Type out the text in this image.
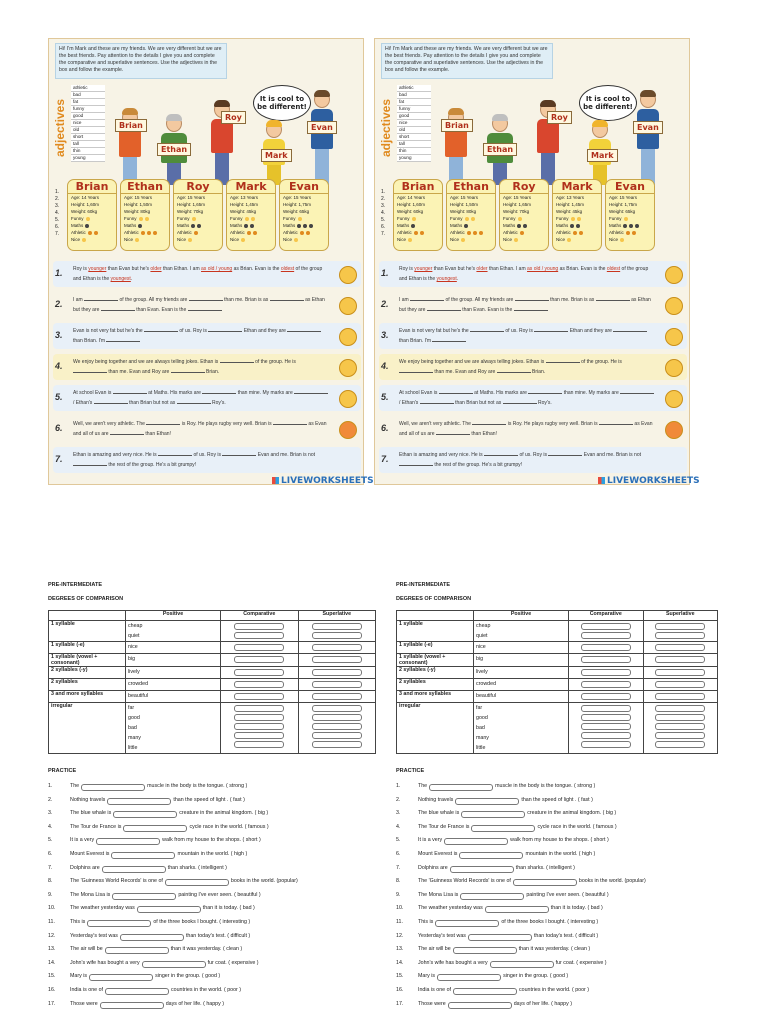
Hi! I'm Mark and these are my friends. We are very different but we are the best friends. Pay attention to the details I give you and complete the comparative and superlative sentences. Use the adjectives in the box and follow the example.
adjectives
athletic
bad
fat
funny
good
nice
old
short
tall
thin
young
It is cool to be different!
Brian
Roy
Ethan
Mark
Evan
1.
2.
3.
4.
5.
6.
7.
Brian
Age: 14 Years
Height: 1,60m
Weight: 60kg
Funny
Maths
Athletic
Nice
Ethan
Age: 15 Years
Height: 1,50m
Weight: 80kg
Funny
Maths
Athletic
Nice
Roy
Age: 15 Years
Height: 1,65m
Weight: 70kg
Funny
Maths
Athletic
Nice
Mark
Age: 13 Years
Height: 1,45m
Weight: 45kg
Funny
Maths
Athletic
Nice
Evan
Age: 15 Years
Height: 1,75m
Weight: 65kg
Funny
Maths
Athletic
Nice
1. Roy is younger than Evan but he's older than Ethan. I am as old / young as Brian. Evan is the oldest of the group and Ethan is the youngest.
2. I am	of the group. All my friends are	than me. Brian is as	as Ethan but they are	than Evan. Evan is the
3. Evan is not very fat but he's the	of us. Roy is	Ethan and they are  than Brian. I'm
4. We enjoy being together and we are always telling jokes. Ethan is	of the group. He is  than me. Evan and Roy are	Brian.
5. At school Evan is	at Maths. His marks are	than mine. My marks are  / Ethan's	than Brian but not as	Roy's.
6. Well, we aren't very athletic. The	is Roy. He plays rugby very well. Brian is	as Evan and all of us are	than Ethan!
7. Ethan is amazing and very nice. He is	of us. Roy is	Evan and me. Brian is not  the rest of the group. He's a bit grumpy!
LIVEWORKSHEETS
Hi! I'm Mark and these are my friends. We are very different but we are the best friends. Pay attention to the details I give you and complete the comparative and superlative sentences. Use the adjectives in the box and follow the example.
adjectives
athletic
bad
fat
funny
good
nice
old
short
tall
thin
young
It is cool to be different!
Brian
Roy
Ethan
Mark
Evan
1.
2.
3.
4.
5.
6.
7.
Brian
Age: 14 Years
Height: 1,60m
Weight: 60kg
Funny
Maths
Athletic
Nice
Ethan
Age: 15 Years
Height: 1,50m
Weight: 80kg
Funny
Maths
Athletic
Nice
Roy
Age: 15 Years
Height: 1,65m
Weight: 70kg
Funny
Maths
Athletic
Nice
Mark
Age: 13 Years
Height: 1,45m
Weight: 45kg
Funny
Maths
Athletic
Nice
Evan
Age: 15 Years
Height: 1,75m
Weight: 65kg
Funny
Maths
Athletic
Nice
1. Roy is younger than Evan but he's older than Ethan. I am as old / young as Brian. Evan is the oldest of the group and Ethan is the youngest.
2. I am	of the group. All my friends are	than me. Brian is as	as Ethan but they are	than Evan. Evan is the
3. Evan is not very fat but he's the	of us. Roy is	Ethan and they are  than Brian. I'm
4. We enjoy being together and we are always telling jokes. Ethan is	of the group. He is  than me. Evan and Roy are	Brian.
5. At school Evan is	at Maths. His marks are	than mine. My marks are  / Ethan's	than Brian but not as	Roy's.
6. Well, we aren't very athletic. The	is Roy. He plays rugby very well. Brian is	as Evan and all of us are	than Ethan!
7. Ethan is amazing and very nice. He is	of us. Roy is	Evan and me. Brian is not  the rest of the group. He's a bit grumpy!
LIVEWORKSHEETS
PRE-INTERMEDIATE
DEGREES OF COMPARISON
	Positive	Comparative	Superlative
1 syllable	cheap
quiet		

1 syllable (-e)	nice		

1 syllable (vowel + consonant)	big		

2 syllables (-y)	lively		

2 syllables	crowded		

3 and more syllables	beautiful		

irregular	far
good
bad
many
little		

PRACTICE
1.	The	muscle in the body is the tongue. ( strong )
2.	Nothing travels	than the speed of light . ( fast )
3.	The blue whale is	creature in the animal kingdom. ( big )
4.	The Tour de France is	cycle race in the world. ( famous )
5.	It is a very	walk from my house to the shops. ( short )
6.	Mount Everest is	mountain in the world. ( high )
7.	Dolphins are	than sharks. ( intelligent )
8.	The 'Guinness World Records' is one of	books in the world. (popular)
9.	The Mona Lisa is	painting I've ever seen. ( beautiful )
10.	The weather yesterday was	than it is today. ( bad )
11.	This is	of the three books I bought. ( interesting )
12.	Yesterday's test was	than today's test. ( difficult )
13.	The air will be	than it was yesterday. ( clean )
14.	John's wife has bought a very	fur coat. ( expensive )
15.	Mary is	singer in the group. ( good )
16.	India is one of	countries in the world. ( poor )
17.	Those were	days of her life. ( happy )
PRE-INTERMEDIATE
DEGREES OF COMPARISON
	Positive	Comparative	Superlative
1 syllable	cheap
quiet		

1 syllable (-e)	nice		

1 syllable (vowel + consonant)	big		

2 syllables (-y)	lively		

2 syllables	crowded		

3 and more syllables	beautiful		

irregular	far
good
bad
many
little		

PRACTICE
1.	The	muscle in the body is the tongue. ( strong )
2.	Nothing travels	than the speed of light . ( fast )
3.	The blue whale is	creature in the animal kingdom. ( big )
4.	The Tour de France is	cycle race in the world. ( famous )
5.	It is a very	walk from my house to the shops. ( short )
6.	Mount Everest is	mountain in the world. ( high )
7.	Dolphins are	than sharks. ( intelligent )
8.	The 'Guinness World Records' is one of	books in the world. (popular)
9.	The Mona Lisa is	painting I've ever seen. ( beautiful )
10.	The weather yesterday was	than it is today. ( bad )
11.	This is	of the three books I bought. ( interesting )
12.	Yesterday's test was	than today's test. ( difficult )
13.	The air will be	than it was yesterday. ( clean )
14.	John's wife has bought a very	fur coat. ( expensive )
15.	Mary is	singer in the group. ( good )
16.	India is one of	countries in the world. ( poor )
17.	Those were	days of her life. ( happy )
